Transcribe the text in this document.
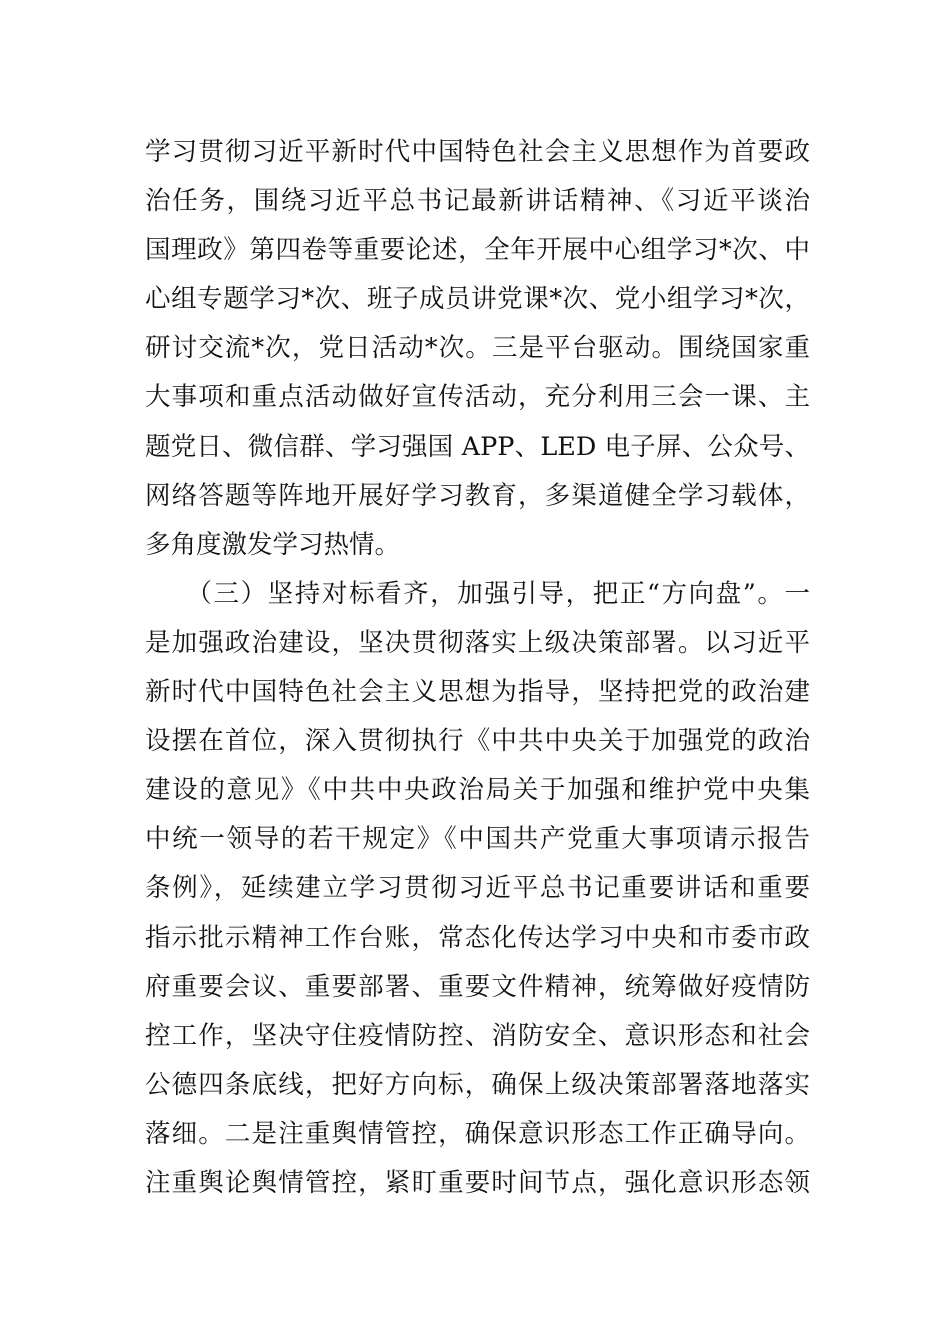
学习贯彻习近平新时代中国特色社会主义思想作为首要政
治任务，围绕习近平总书记最新讲话精神、《习近平谈治
国理政》第四卷等重要论述，全年开展中心组学习*次、中
心组专题学习*次、班子成员讲党课*次、党小组学习*次，
研讨交流*次，党日活动*次。三是平台驱动。围绕国家重
大事项和重点活动做好宣传活动，充分利用三会一课、主
题党日、微信群、学习强国 APP、LED 电子屏、公众号、
网络答题等阵地开展好学习教育，多渠道健全学习载体，
多角度激发学习热情。
　　（三）坚持对标看齐，加强引导，把正“方向盘”。一
是加强政治建设，坚决贯彻落实上级决策部署。以习近平
新时代中国特色社会主义思想为指导，坚持把党的政治建
设摆在首位，深入贯彻执行《中共中央关于加强党的政治
建设的意见》《中共中央政治局关于加强和维护党中央集
中统一领导的若干规定》《中国共产党重大事项请示报告
条例》，延续建立学习贯彻习近平总书记重要讲话和重要
指示批示精神工作台账，常态化传达学习中央和市委市政
府重要会议、重要部署、重要文件精神，统筹做好疫情防
控工作，坚决守住疫情防控、消防安全、意识形态和社会
公德四条底线，把好方向标，确保上级决策部署落地落实
落细。二是注重舆情管控，确保意识形态工作正确导向。
注重舆论舆情管控，紧盯重要时间节点，强化意识形态领
